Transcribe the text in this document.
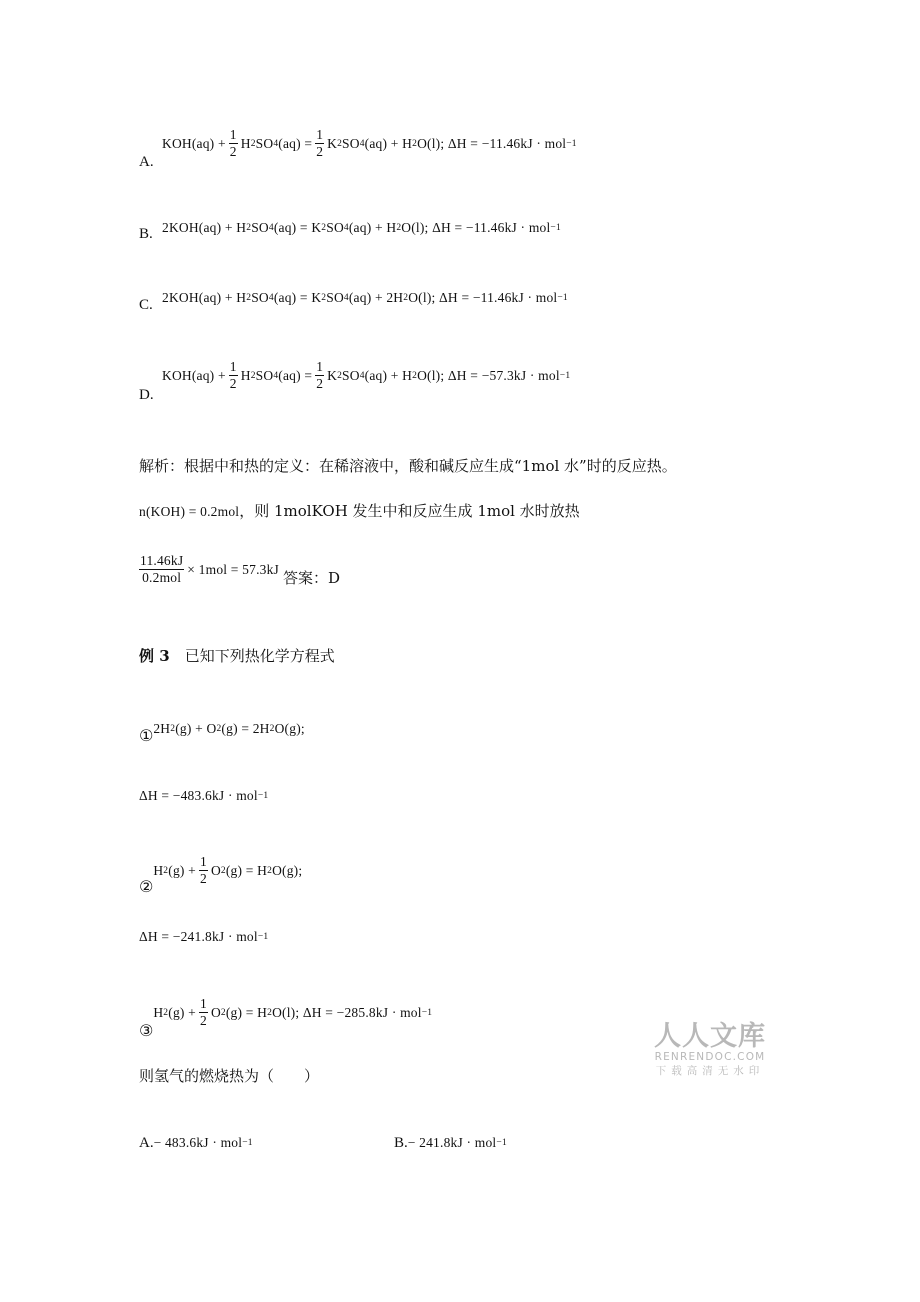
A.
$KOH(aq) + \frac{1}{2}$ H 2 SO 4 $(aq) = \frac{1}{2}$ K 2 SO 4 (aq) + H 2 O(l); ΔH = −11.46kJ · mol −1
B. 2KOH(aq) + H 2 SO 4 (aq) = K 2 SO 4 (aq) + H 2 O(l); ΔH = −11.46kJ · mol −1
C. 2KOH(aq) + H 2 SO 4 (aq) = K 2 SO 4 (aq) + 2H 2 O(l); ΔH = −11.46kJ · mol −1
D.
$KOH(aq) + \frac{1}{2}$ H 2 SO 4 $(aq) = \frac{1}{2}$ K 2 SO 4 (aq) + H 2 O(l); ΔH = −57.3kJ · mol −1
解析：根据中和热的定义：在稀溶液中，酸和碱反应生成“1mol 水”时的反应热。
n(KOH) = 0.2mol ，则 1molKOH 发生中和反应生成 1mol 水时放热
$\frac{11.46kJ}{\text{0.2mol}} \times 1mol = 57.3kJ$ 答案：D
例 3 已知下列热化学方程式
① 2H 2 (g) + O 2 (g) = 2H 2 O(g);
ΔH = −483.6kJ · mol −1
②
H 2 $(g) + \frac{1}{2}$ O 2 (g) = H 2 O(g);
ΔH = −241.8kJ · mol −1
③
H 2 $(g) + \frac{1}{2}$ O 2 (g) = H 2 O(l); ΔH = −285.8kJ · mol −1
则氢气的燃烧热为（　　）
A. − 483.6kJ · mol −1	B. − 241.8kJ · mol −1
人人文库
RENRENDOC.COM
下载高清无水印
